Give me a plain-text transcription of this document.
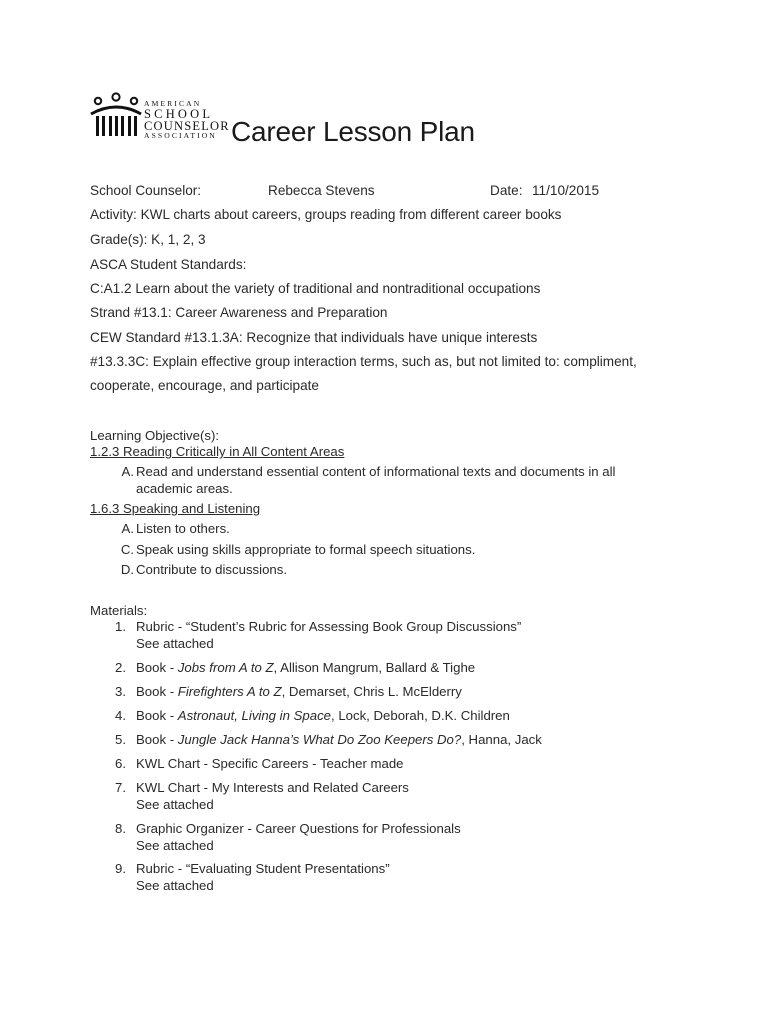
AMERICAN
SCHOOL
COUNSELOR
ASSOCIATION Career Lesson Plan
School Counselor:	Rebecca Stevens	Date: 11/10/2015
Activity: KWL charts about careers, groups reading from different career books
Grade(s): K, 1, 2, 3
ASCA Student Standards:
C:A1.2 Learn about the variety of traditional and nontraditional occupations
Strand #13.1: Career Awareness and Preparation
CEW Standard #13.1.3A: Recognize that individuals have unique interests
#13.3.3C: Explain effective group interaction terms, such as, but not limited to: compliment,
cooperate, encourage, and participate
Learning Objective(s):
1.2.3 Reading Critically in All Content Areas
A. Read and understand essential content of informational texts and documents in all
academic areas.
1.6.3 Speaking and Listening
A. Listen to others.
C. Speak using skills appropriate to formal speech situations.
D. Contribute to discussions.
Materials:
1. Rubric - “Student’s Rubric for Assessing Book Group Discussions”
See attached
2. Book - Jobs from A to Z, Allison Mangrum, Ballard & Tighe
3. Book - Firefighters A to Z, Demarset, Chris L. McElderry
4. Book - Astronaut, Living in Space, Lock, Deborah, D.K. Children
5. Book - Jungle Jack Hanna’s What Do Zoo Keepers Do?, Hanna, Jack
6. KWL Chart - Specific Careers - Teacher made
7. KWL Chart - My Interests and Related Careers
See attached
8. Graphic Organizer - Career Questions for Professionals
See attached
9. Rubric - “Evaluating Student Presentations”
See attached
